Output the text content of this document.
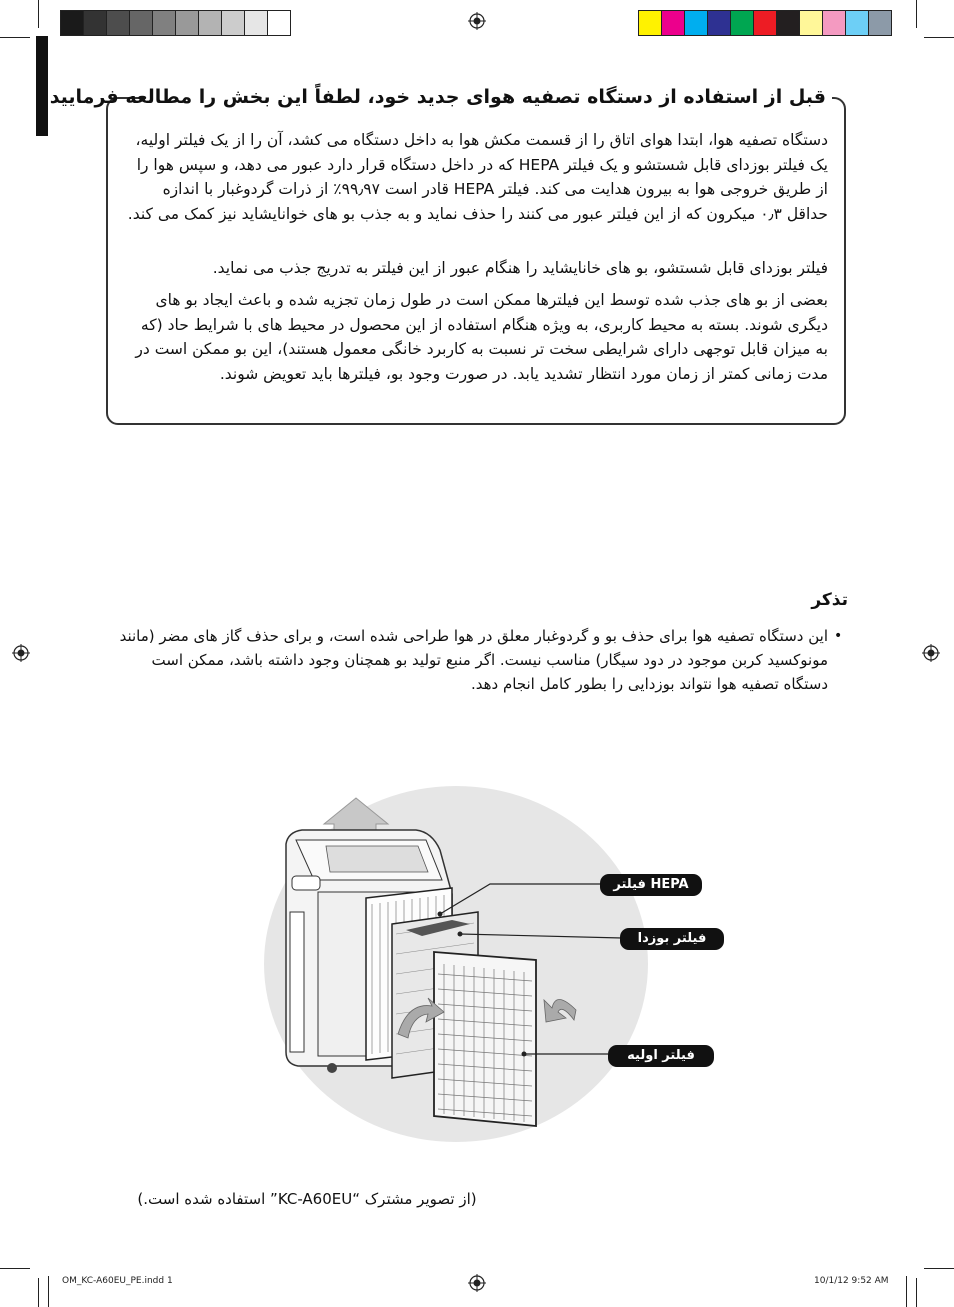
قبل از استفاده از دستگاه تصفیه هوای جدید خود، لطفاً این بخش را مطالعه فرمایید
دستگاه تصفیه هوا، ابتدا هوای اتاق را از قسمت مکش هوا به داخل دستگاه می کشد، آن را از یک فیلتر اولیه، یک فیلتر بوزدای قابل شستشو و یک فیلتر HEPA که در داخل دستگاه قرار دارد عبور می دهد، و سپس هوا را از طریق خروجی هوا به بیرون هدایت می کند. فیلتر HEPA قادر است ۹۹٫۹۷٪ از ذرات گردوغبار با اندازه حداقل ۰٫۳ میکرون که از این فیلتر عبور می کنند را حذف نماید و به جذب بو های خوانایشاید نیز کمک می کند.
فیلتر بوزدای قابل شستشو، بو های خانایشاید را هنگام عبور از این فیلتر به تدریج جذب می نماید.
بعضی از بو های جذب شده توسط این فیلترها ممکن است در طول زمان تجزیه شده و باعث ایجاد بو های دیگری شوند. بسته به محیط کاربری، به ویژه هنگام استفاده از این محصول در محیط های با شرایط حاد (که به میزان قابل توجهی دارای شرایطی سخت تر نسبت به کاربرد خانگی معمول هستند)، این بو ممکن است در مدت زمانی کمتر از زمان مورد انتظار تشدید یابد. در صورت وجود بو، فیلترها باید تعویض شوند.
تذکر
•
این دستگاه تصفیه هوا برای حذف بو و گردوغبار معلق در هوا طراحی شده است، و برای حذف گاز های مضر (مانند مونوکسید کربن موجود در دود سیگار) مناسب نیست. اگر منبع تولید بو همچنان وجود داشته باشد، ممکن است دستگاه تصفیه هوا نتواند بوزدایی را بطور کامل انجام دهد.
HEPA فیلتر
فیلتر بوزدا
فیلتر اولیه
(از تصویر مشترک “KC-A60EU” استفاده شده است.)
OM_KC-A60EU_PE.indd 1	10/1/12 9:52 AM
